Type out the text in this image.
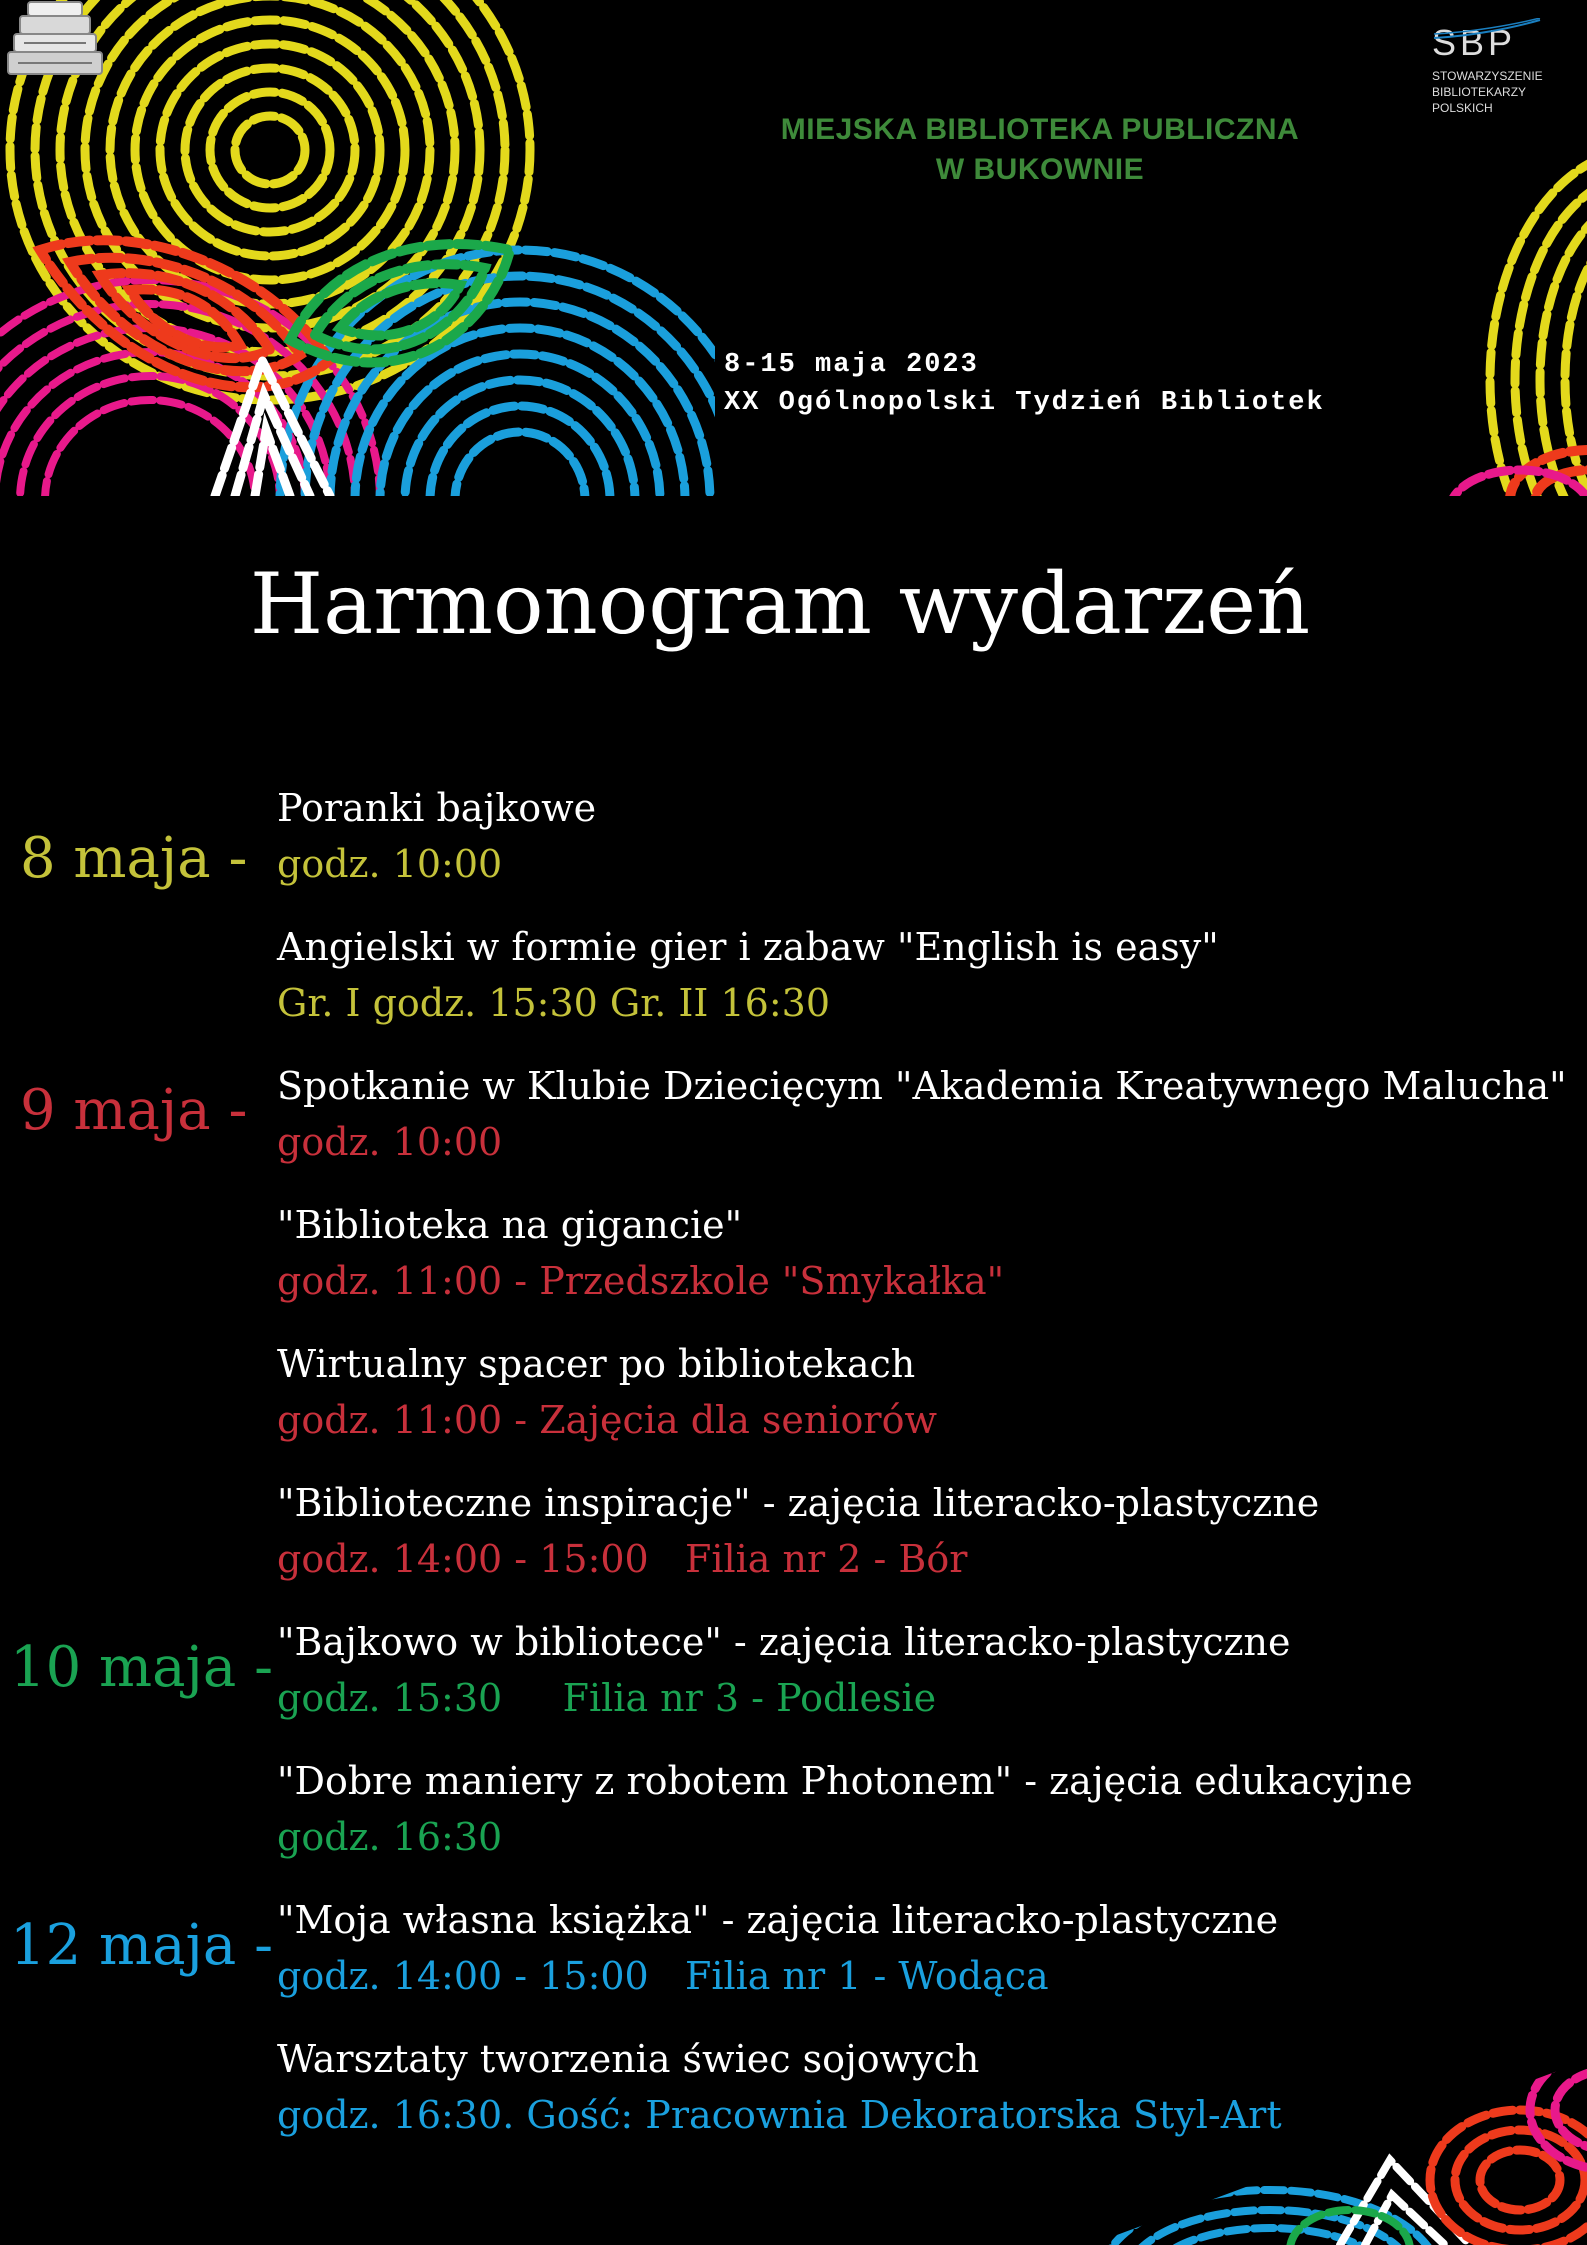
MIEJSKA BIBLIOTEKA PUBLICZNA
W BUKOWNIE
SBP
STOWARZYSZENIE
BIBLIOTEKARZY
POLSKICH
8-15 maja 2023
XX Ogólnopolski Tydzień Bibliotek
Harmonogram wydarzeń
8 maja -
9 maja -
10 maja -
12 maja -
Poranki bajkowe
godz. 10:00
Angielski w formie gier i zabaw "English is easy"
Gr. I godz. 15:30 Gr. II 16:30
Spotkanie w Klubie Dziecięcym "Akademia Kreatywnego Malucha"
godz. 10:00
"Biblioteka na gigancie"
godz. 11:00 - Przedszkole "Smykałka"
Wirtualny spacer po bibliotekach
godz. 11:00 - Zajęcia dla seniorów
"Biblioteczne inspiracje" - zajęcia literacko-plastyczne
godz. 14:00 - 15:00   Filia nr 2 - Bór
"Bajkowo w bibliotece" - zajęcia literacko-plastyczne
godz. 15:30     Filia nr 3 - Podlesie
"Dobre maniery z robotem Photonem" - zajęcia edukacyjne
godz. 16:30
"Moja własna książka" - zajęcia literacko-plastyczne
godz. 14:00 - 15:00   Filia nr 1 - Wodąca
Warsztaty tworzenia świec sojowych
godz. 16:30. Gość: Pracownia Dekoratorska Styl-Art
